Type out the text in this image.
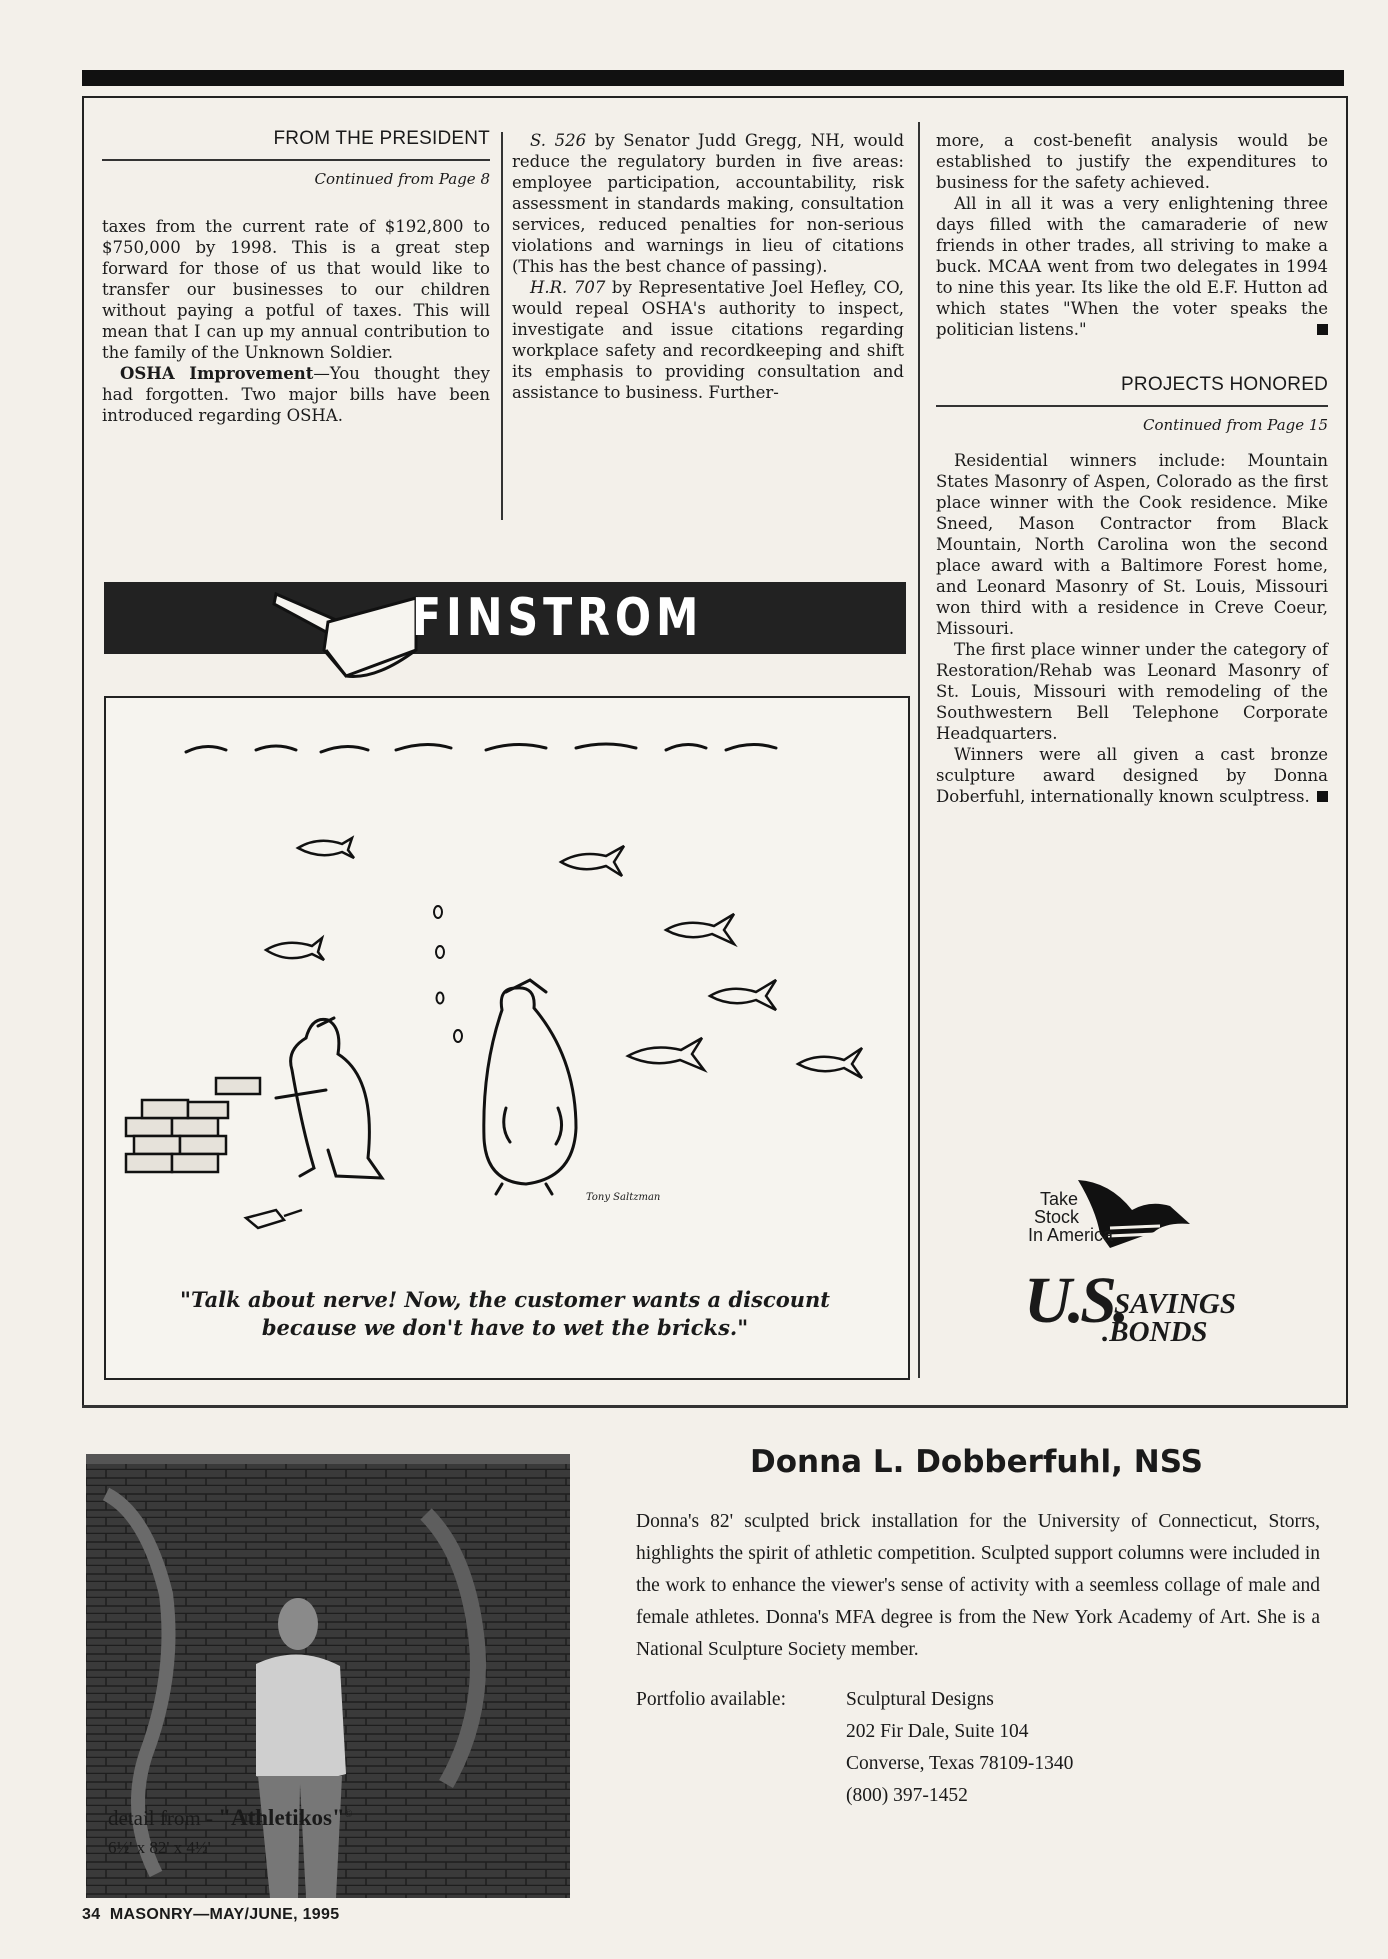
FROM THE PRESIDENT
Continued from Page 8

taxes from the current rate of $192,800 to $750,000 by 1998. This is a great step forward for those of us that would like to transfer our businesses to our children without paying a potful of taxes. This will mean that I can up my annual contribution to the family of the Unknown Soldier.

OSHA Improvement—You thought they had forgotten. Two major bills have been introduced regarding OSHA.

S. 526 by Senator Judd Gregg, NH, would reduce the regulatory burden in five areas: employee participation, accountability, risk assessment in standards making, consultation services, reduced penalties for non-serious violations and warnings in lieu of citations (This has the best chance of passing).

H.R. 707 by Representative Joel Hefley, CO, would repeal OSHA's authority to inspect, investigate and issue citations regarding workplace safety and recordkeeping and shift its emphasis to providing consultation and assistance to business. Further-

more, a cost-benefit analysis would be established to justify the expenditures to business for the safety achieved.

All in all it was a very enlightening three days filled with the camaraderie of new friends in other trades, all striving to make a buck. MCAA went from two delegates in 1994 to nine this year. Its like the old E.F. Hutton ad which states "When the voter speaks the politician listens."

PROJECTS HONORED
Continued from Page 15

Residential winners include: Mountain States Masonry of Aspen, Colorado as the first place winner with the Cook residence. Mike Sneed, Mason Contractor from Black Mountain, North Carolina won the second place award with a Baltimore Forest home, and Leonard Masonry of St. Louis, Missouri won third with a residence in Creve Coeur, Missouri.

The first place winner under the category of Restoration/Rehab was Leonard Masonry of St. Louis, Missouri with remodeling of the Southwestern Bell Telephone Corporate Headquarters.

Winners were all given a cast bronze sculpture award designed by Donna Doberfuhl, internationally known sculptress.

FINSTROM
Tony Saltzman
"Talk about nerve! Now, the customer wants a discount
because we don't have to wet the bricks."
Take
Stock
In America
U.S.
SAVINGS
.BONDS
detail from - "Athletikos"©
6½' x 82' x 4½'
Donna L. Dobberfuhl, NSS
Donna's 82' sculpted brick installation for the University of Connecticut, Storrs, highlights the spirit of athletic competition. Sculpted support columns were included in the work to enhance the viewer's sense of activity with a seemless collage of male and female athletes. Donna's MFA degree is from the New York Academy of Art. She is a National Sculpture Society member.
Portfolio available:	Sculptural Designs
202 Fir Dale, Suite 104
Converse, Texas 78109-1340
(800) 397-1452
34 MASONRY—MAY/JUNE, 1995
